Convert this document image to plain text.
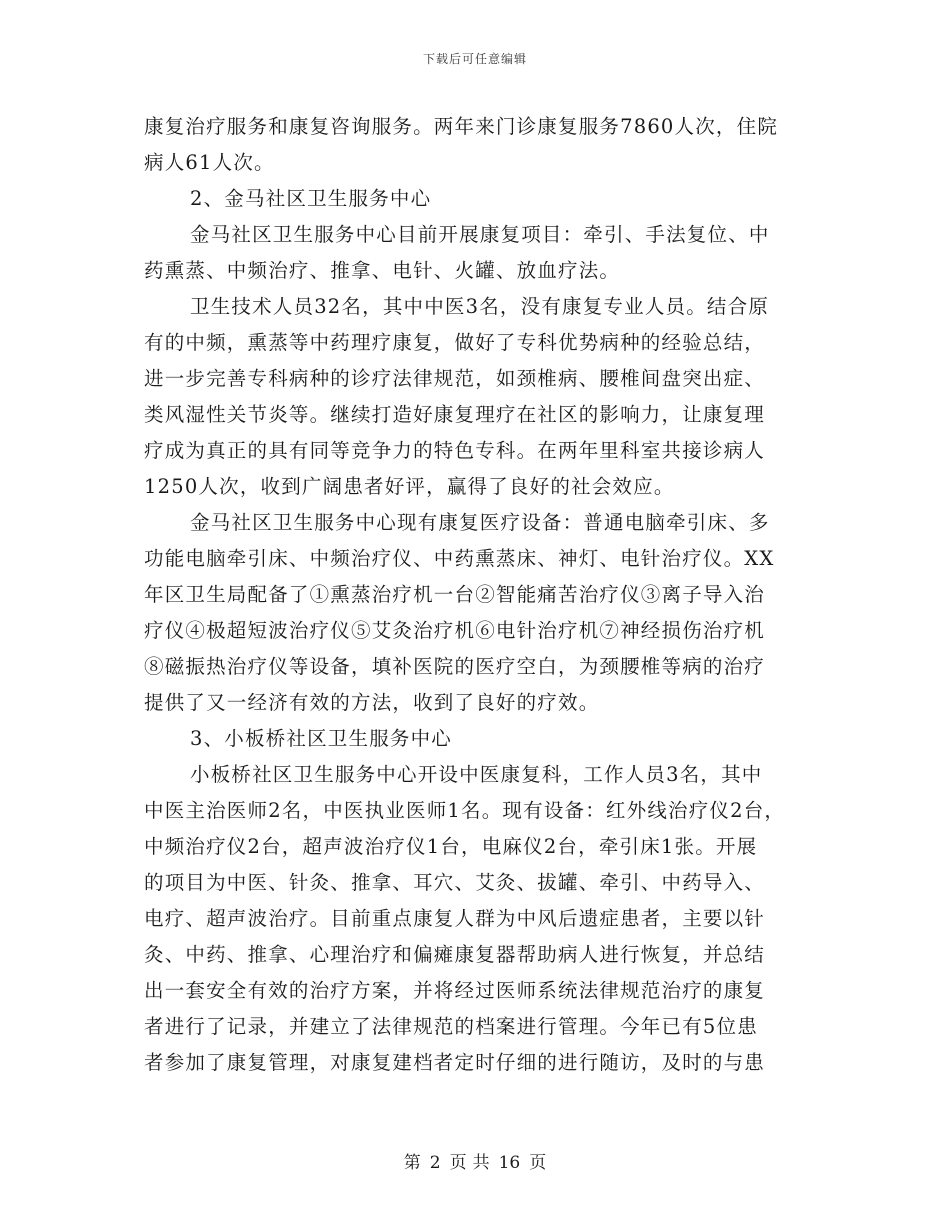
下载后可任意编辑
康复治疗服务和康复咨询服务。两年来门诊康复服务7860人次，住院
病人61人次。
2、金马社区卫生服务中心
金马社区卫生服务中心目前开展康复项目：牵引、手法复位、中
药熏蒸、中频治疗、推拿、电针、火罐、放血疗法。
卫生技术人员32名，其中中医3名，没有康复专业人员。结合原
有的中频，熏蒸等中药理疗康复，做好了专科优势病种的经验总结，
进一步完善专科病种的诊疗法律规范，如颈椎病、腰椎间盘突出症、
类风湿性关节炎等。继续打造好康复理疗在社区的影响力，让康复理
疗成为真正的具有同等竞争力的特色专科。在两年里科室共接诊病人
1250人次，收到广阔患者好评，赢得了良好的社会效应。
金马社区卫生服务中心现有康复医疗设备：普通电脑牵引床、多
功能电脑牵引床、中频治疗仪、中药熏蒸床、神灯、电针治疗仪。XX
年区卫生局配备了①熏蒸治疗机一台②智能痛苦治疗仪③离子导入治
疗仪④极超短波治疗仪⑤艾灸治疗机⑥电针治疗机⑦神经损伤治疗机
⑧磁振热治疗仪等设备，填补医院的医疗空白，为颈腰椎等病的治疗
提供了又一经济有效的方法，收到了良好的疗效。
3、小板桥社区卫生服务中心
小板桥社区卫生服务中心开设中医康复科，工作人员3名，其中
中医主治医师2名，中医执业医师1名。现有设备：红外线治疗仪2台，
中频治疗仪2台，超声波治疗仪1台，电麻仪2台，牵引床1张。开展
的项目为中医、针灸、推拿、耳穴、艾灸、拔罐、牵引、中药导入、
电疗、超声波治疗。目前重点康复人群为中风后遗症患者，主要以针
灸、中药、推拿、心理治疗和偏瘫康复器帮助病人进行恢复，并总结
出一套安全有效的治疗方案，并将经过医师系统法律规范治疗的康复
者进行了记录，并建立了法律规范的档案进行管理。今年已有5位患
者参加了康复管理，对康复建档者定时仔细的进行随访，及时的与患
第 2 页 共 16 页
